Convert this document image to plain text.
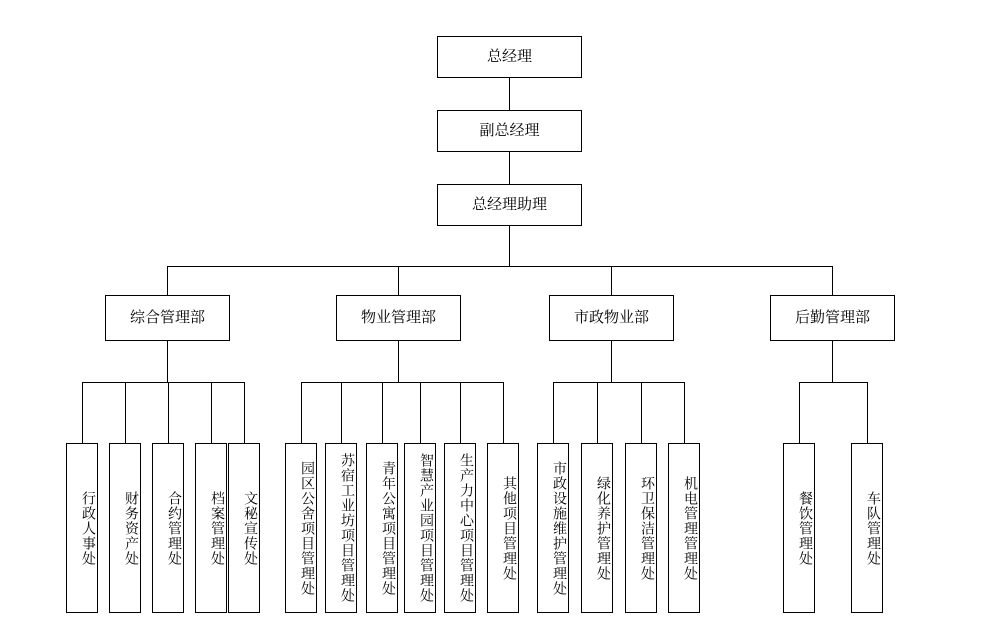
总经理
副总经理
总经理助理
综合管理部	物业管理部	市政物业部	后勤管理部
行政人事处 财务资产处 合约管理处 档案管理处 文秘宣传处	园区公舍项目管理处 苏宿工业坊项目管理处 青年公寓项目管理处 智慧产业园项目管理处 生产力中心项目管理处 其他项目管理处 市政设施维护管理处 绿化养护管理处 环卫保洁管理处 机电管理管理处	餐饮管理处	车队管理处
